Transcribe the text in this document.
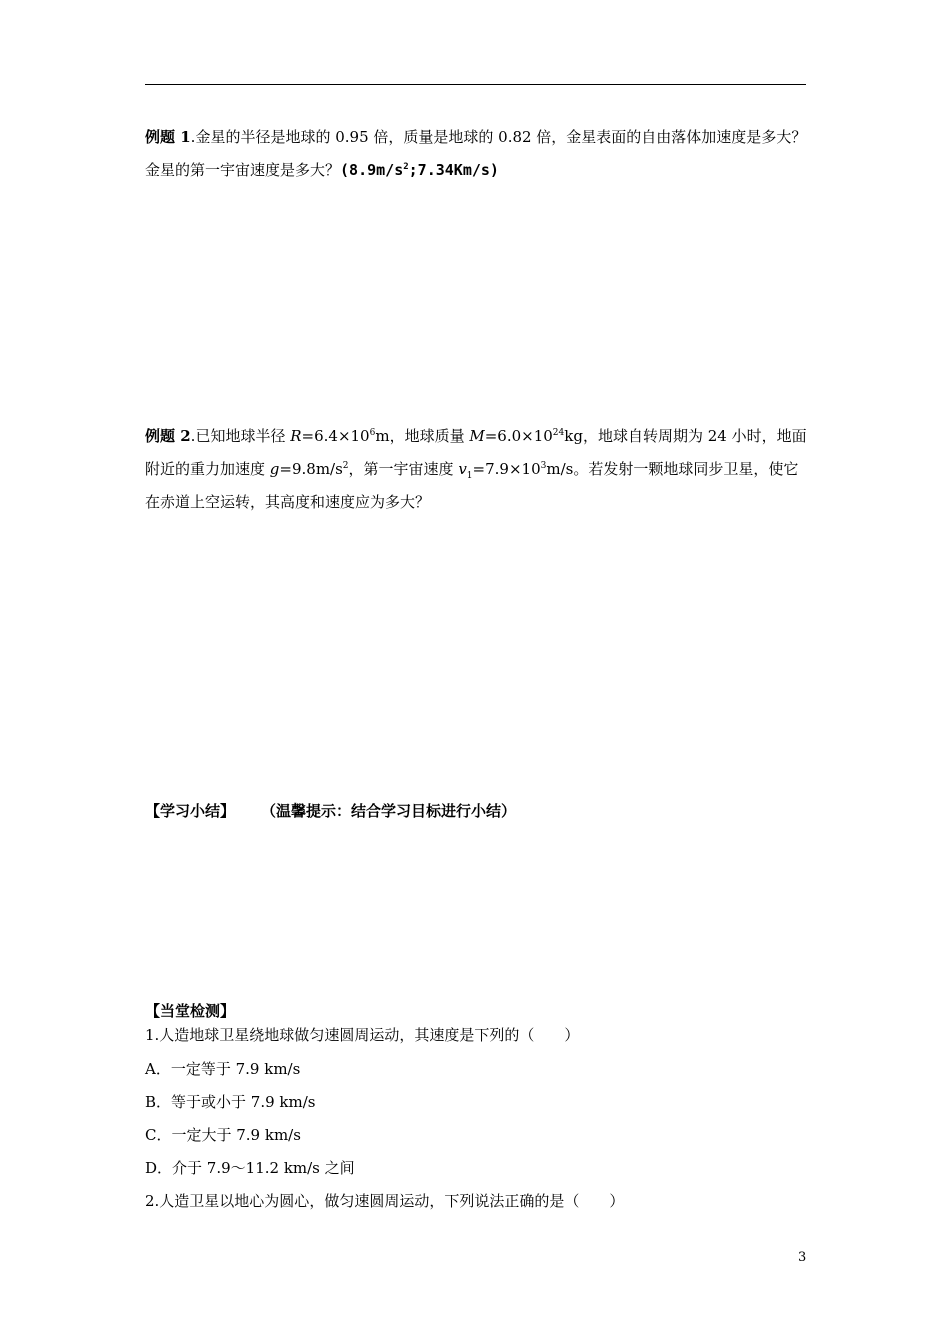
例题 1.金星的半径是地球的 0.95 倍，质量是地球的 0.82 倍，金星表面的自由落体加速度是多大？金星的第一宇宙速度是多大？$(8.9m/s^2;7.34Km/s)$

例题 2.已知地球半径 $R=6.4\times 10^6m$，地球质量 $M=6.0\times 10^{24}kg$，地球自转周期为 24 小时，地面附近的重力加速度 $g=9.8m/s^2$，第一宇宙速度 $v_1=7.9\times 10^3m/s$。若发射一颗地球同步卫星，使它在赤道上空运转，其高度和速度应为多大？

【学习小结】 （温馨提示：结合学习目标进行小结）
【当堂检测】
1.人造地球卫星绕地球做匀速圆周运动，其速度是下列的（　　）
A．一定等于 7.9 km/s
B．等于或小于 7.9 km/s
C．一定大于 7.9 km/s
D．介于 7.9～11.2 km/s 之间
2.人造卫星以地心为圆心，做匀速圆周运动，下列说法正确的是（　　）
3
